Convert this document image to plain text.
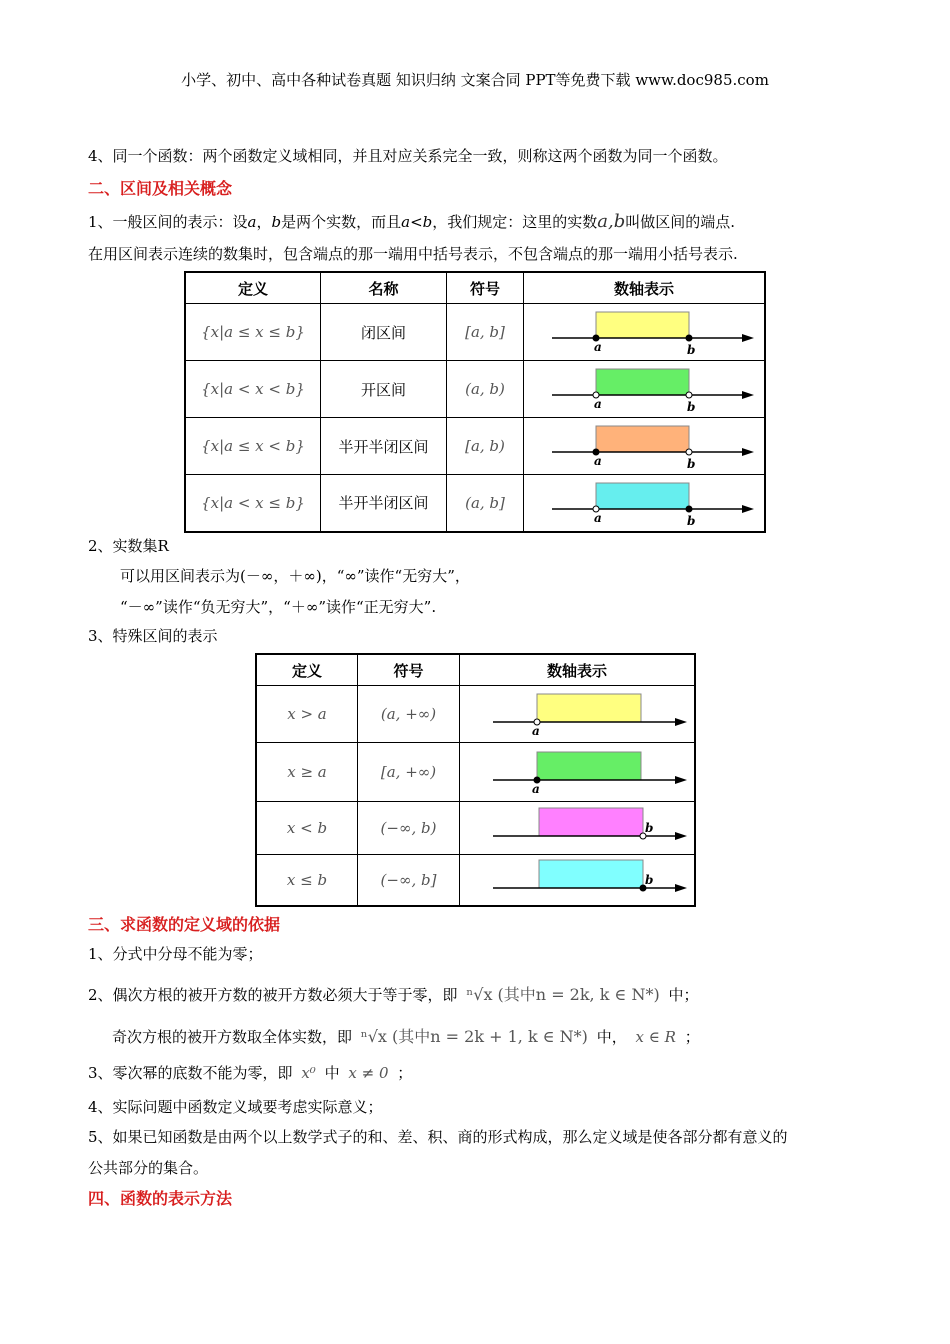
小学、初中、高中各种试卷真题 知识归纳 文案合同 PPT等免费下载 www.doc985.com
4、同一个函数：两个函数定义域相同，并且对应关系完全一致，则称这两个函数为同一个函数。
二、区间及相关概念
1、一般区间的表示：设a，b是两个实数，而且a<b，我们规定：这里的实数a,b叫做区间的端点.
在用区间表示连续的数集时，包含端点的那一端用中括号表示，不包含端点的那一端用小括号表示.
定义	名称	符号	数轴表示
{x|a ≤ x ≤ b}	闭区间	[a, b]	a b

{x|a < x < b}	开区间	(a, b)	a b

{x|a ≤ x < b}	半开半闭区间	[a, b)	a b

{x|a < x ≤ b}	半开半闭区间	(a, b]	a b
2、实数集R
可以用区间表示为(－∞，＋∞)，“∞”读作“无穷大”，
“－∞”读作“负无穷大”，“＋∞”读作“正无穷大”.
3、特殊区间的表示
定义	符号	数轴表示
x > a	(a, +∞)	a

x ≥ a	[a, +∞)	a

x < b	(−∞, b)	b

x ≤ b	(−∞, b]	b
三、求函数的定义域的依据
1、分式中分母不能为零；
2、偶次方根的被开方数的被开方数必须大于等于零，即 ⁿ√x (其中n = 2k, k ∈ N*) 中；
奇次方根的被开方数取全体实数，即 ⁿ√x (其中n = 2k + 1, k ∈ N*) 中， x ∈ R ；
3、零次幂的底数不能为零，即 x⁰ 中 x ≠ 0 ；
4、实际问题中函数定义域要考虑实际意义；
5、如果已知函数是由两个以上数学式子的和、差、积、商的形式构成，那么定义域是使各部分都有意义的
公共部分的集合。
四、函数的表示方法
